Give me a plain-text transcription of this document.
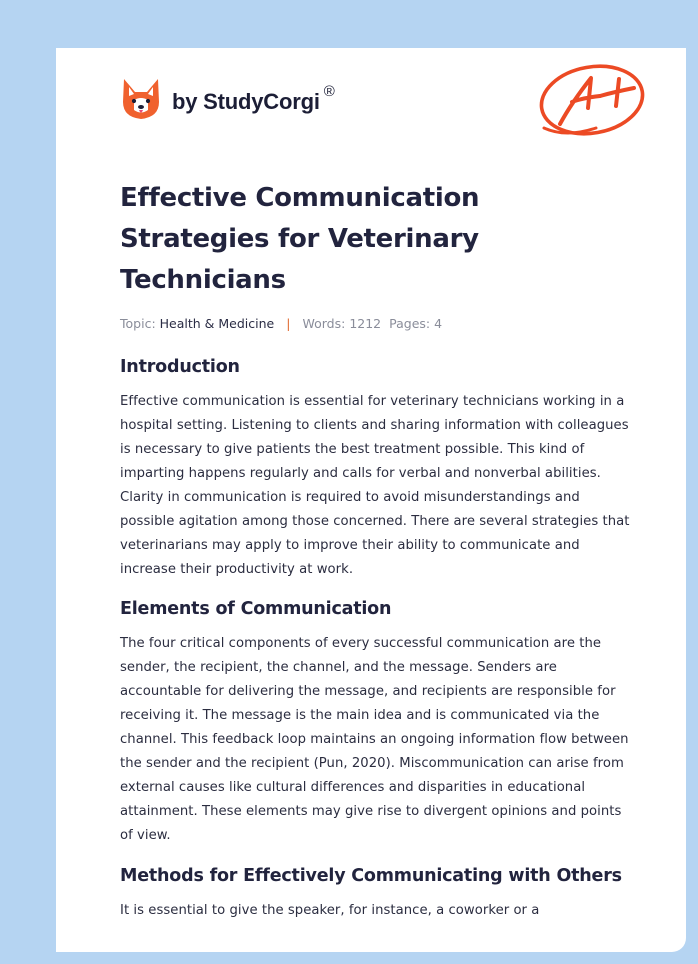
by StudyCorgi ®
Effective Communication Strategies for Veterinary Technicians
Topic: Health & Medicine | Words: 1212 Pages: 4
Introduction

Effective communication is essential for veterinary technicians working in a hospital setting. Listening to clients and sharing information with colleagues is necessary to give patients the best treatment possible. This kind of imparting happens regularly and calls for verbal and nonverbal abilities. Clarity in communication is required to avoid misunderstandings and possible agitation among those concerned. There are several strategies that veterinarians may apply to improve their ability to communicate and increase their productivity at work.

Elements of Communication

The four critical components of every successful communication are the sender, the recipient, the channel, and the message. Senders are accountable for delivering the message, and recipients are responsible for receiving it. The message is the main idea and is communicated via the channel. This feedback loop maintains an ongoing information flow between the sender and the recipient (Pun, 2020). Miscommunication can arise from external causes like cultural differences and disparities in educational attainment. These elements may give rise to divergent opinions and points of view.

Methods for Effectively Communicating with Others

It is essential to give the speaker, for instance, a coworker or a
